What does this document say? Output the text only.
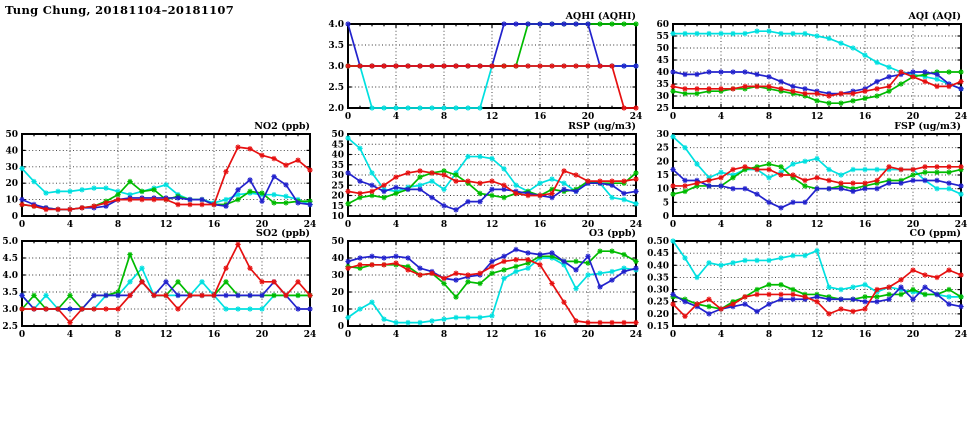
Tung Chung, 20181104–20181107	AQHI (AQHI)
0	4	8	12	16	20	24
2.0
2.5
3.0
3.5
4.0
AQI (AQI)
0	4	8	12	16	20	24
25
30
35
40
45
50
55
60
NO2 (ppb)
0	4	8	12	16	20	24
0
10
20
30
40
50
RSP (ug/m3)
0	4	8	12	16	20	24
10
15
20
25
30
35
40
45
50
FSP (ug/m3)
0	4	8	12	16	20	24
0
5
10
15
20
25
30
SO2 (ppb)
0	4	8	12	16	20	24
2.5
3.0
3.5
4.0
4.5
5.0
O3 (ppb)
0	4	8	12	16	20	24
0
10
20
30
40
50
CO (ppm)
0	4	8	12	16	20	24
0.15
0.20
0.25
0.30
0.35
0.40
0.45
0.50
